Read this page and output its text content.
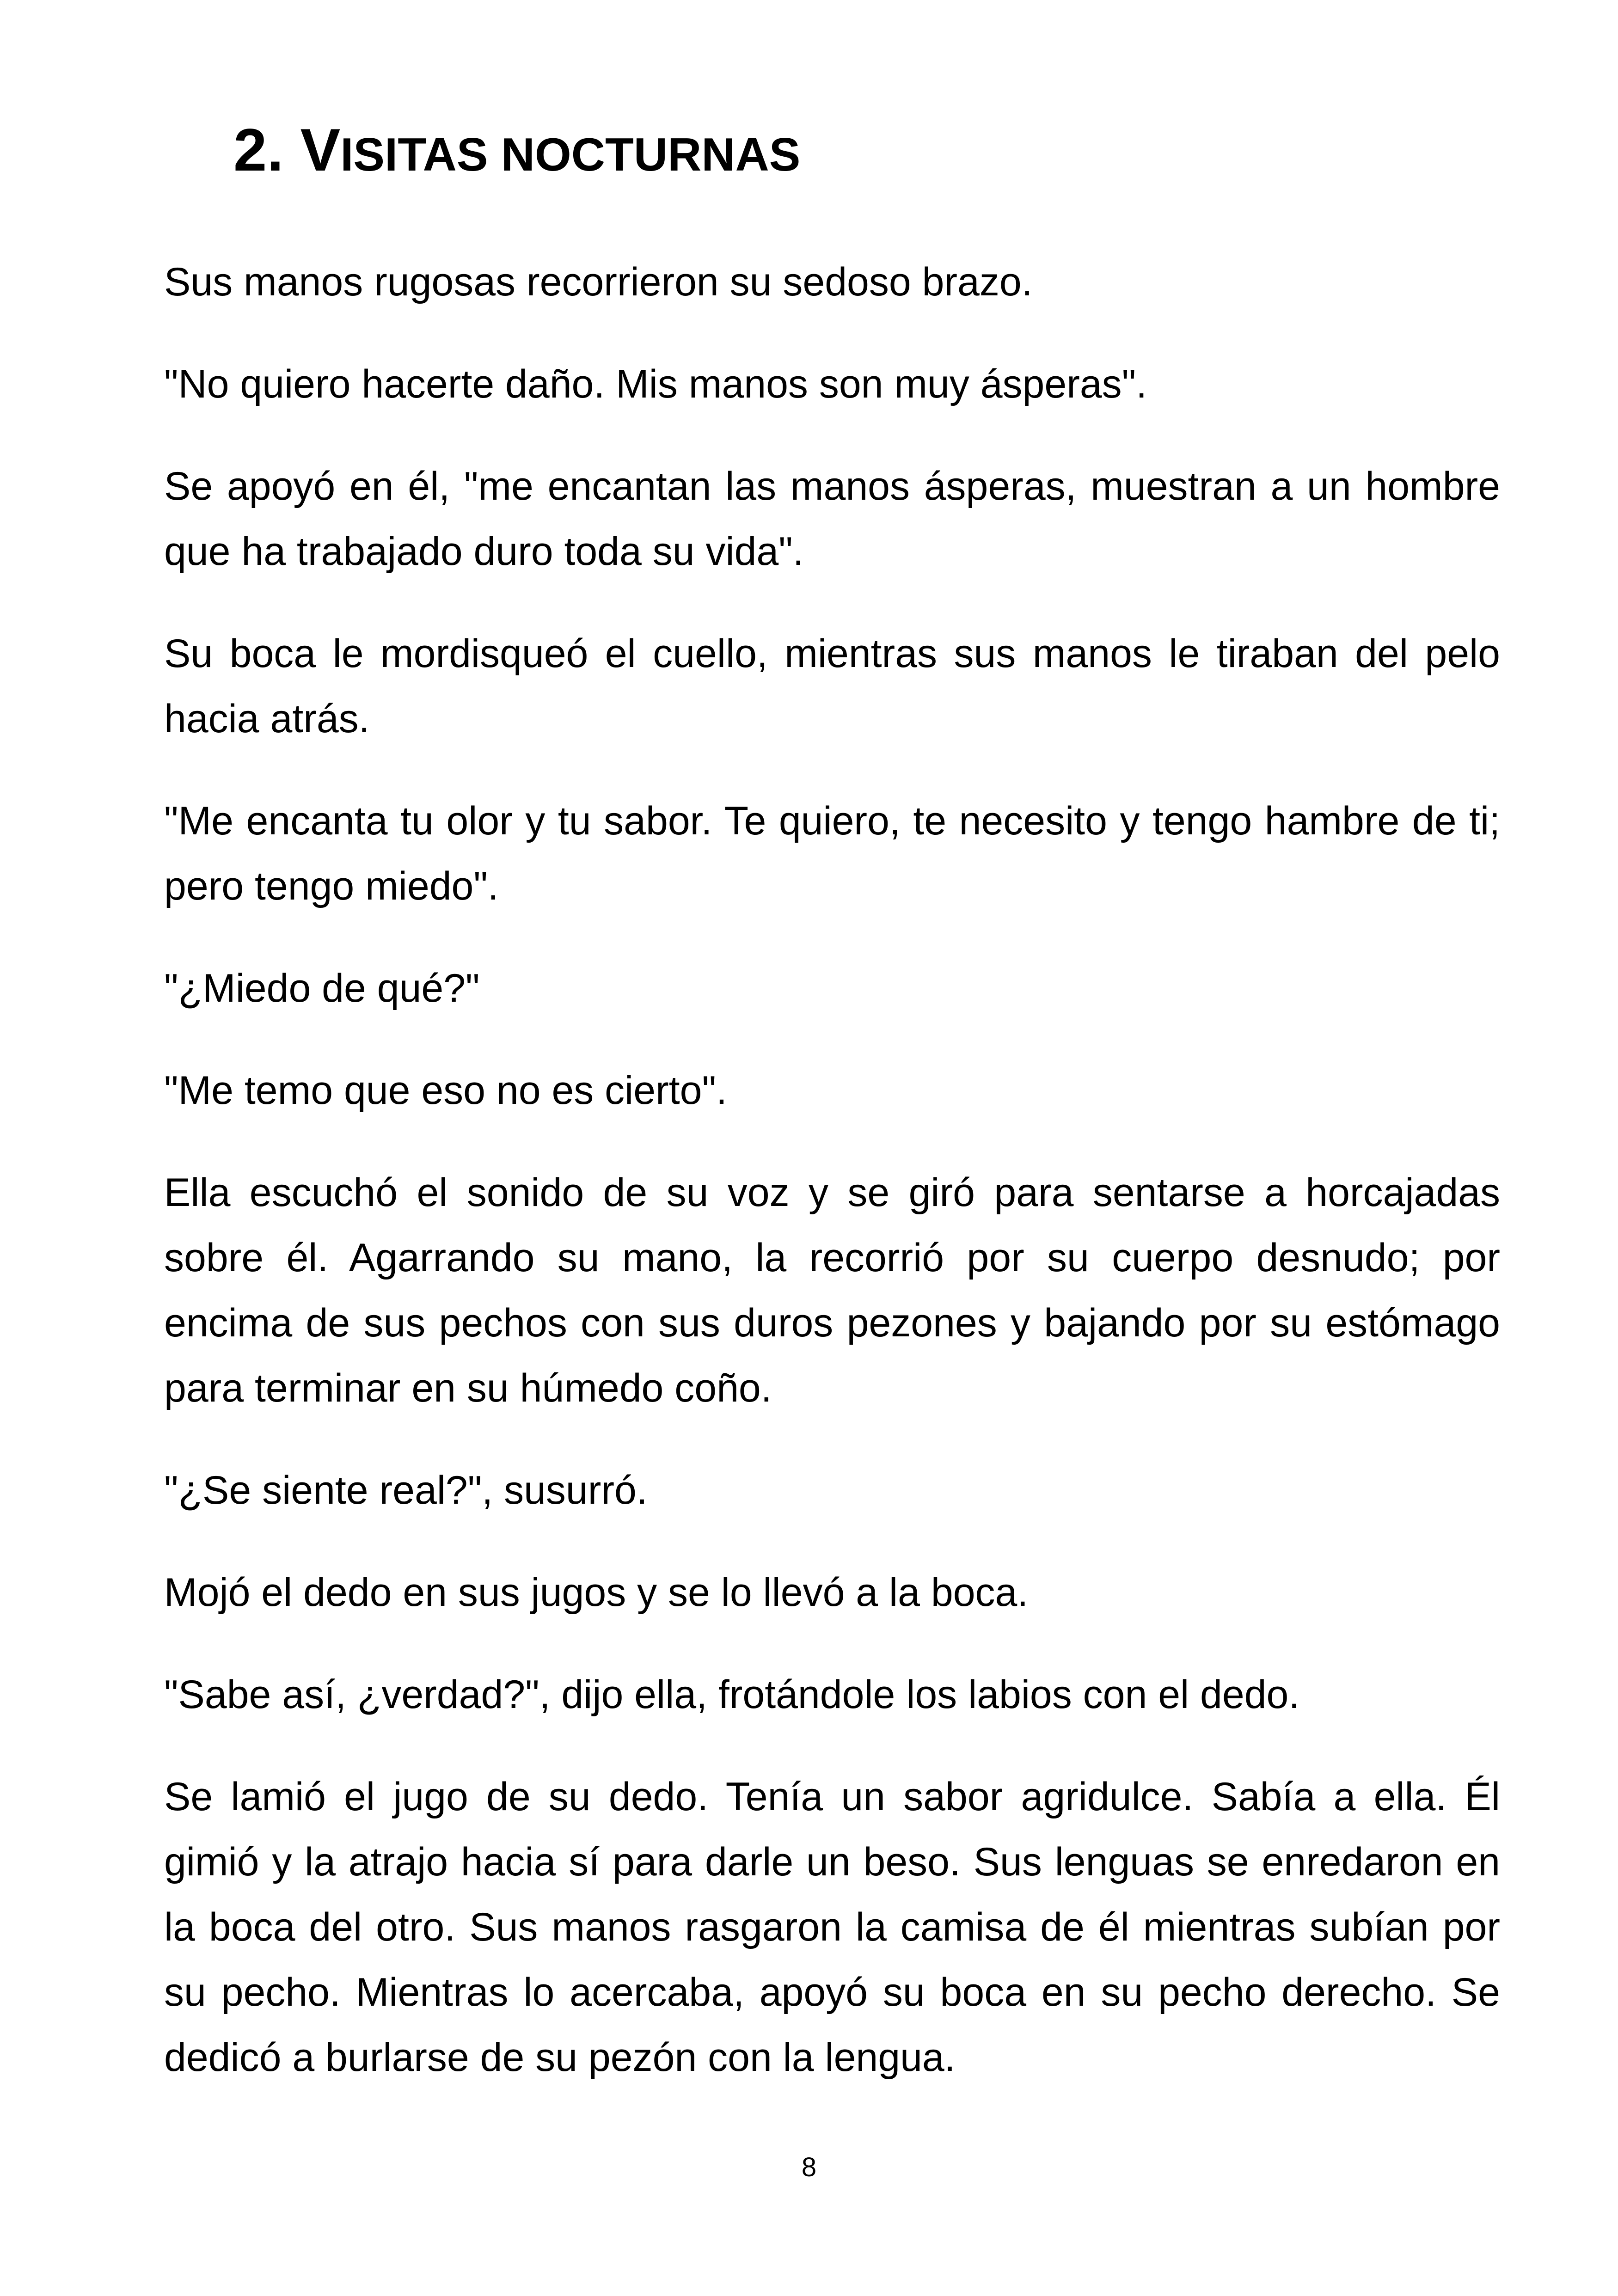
2. VISITAS NOCTURNAS

Sus manos rugosas recorrieron su sedoso brazo.

"No quiero hacerte daño. Mis manos son muy ásperas".

Se apoyó en él, "me encantan las manos ásperas, muestran a un hombre que ha trabajado duro toda su vida".

Su boca le mordisqueó el cuello, mientras sus manos le tiraban del pelo hacia atrás.

"Me encanta tu olor y tu sabor. Te quiero, te necesito y tengo hambre de ti; pero tengo miedo".

"¿Miedo de qué?"

"Me temo que eso no es cierto".

Ella escuchó el sonido de su voz y se giró para sentarse a horcajadas sobre él. Agarrando su mano, la recorrió por su cuerpo desnudo; por encima de sus pechos con sus duros pezones y bajando por su estómago para terminar en su húmedo coño.

"¿Se siente real?", susurró.

Mojó el dedo en sus jugos y se lo llevó a la boca.

"Sabe así, ¿verdad?", dijo ella, frotándole los labios con el dedo.

Se lamió el jugo de su dedo. Tenía un sabor agridulce. Sabía a ella. Él gimió y la atrajo hacia sí para darle un beso. Sus lenguas se enredaron en la boca del otro. Sus manos rasgaron la camisa de él mientras subían por su pecho. Mientras lo acercaba, apoyó su boca en su pecho derecho. Se dedicó a burlarse de su pezón con la lengua.

8
